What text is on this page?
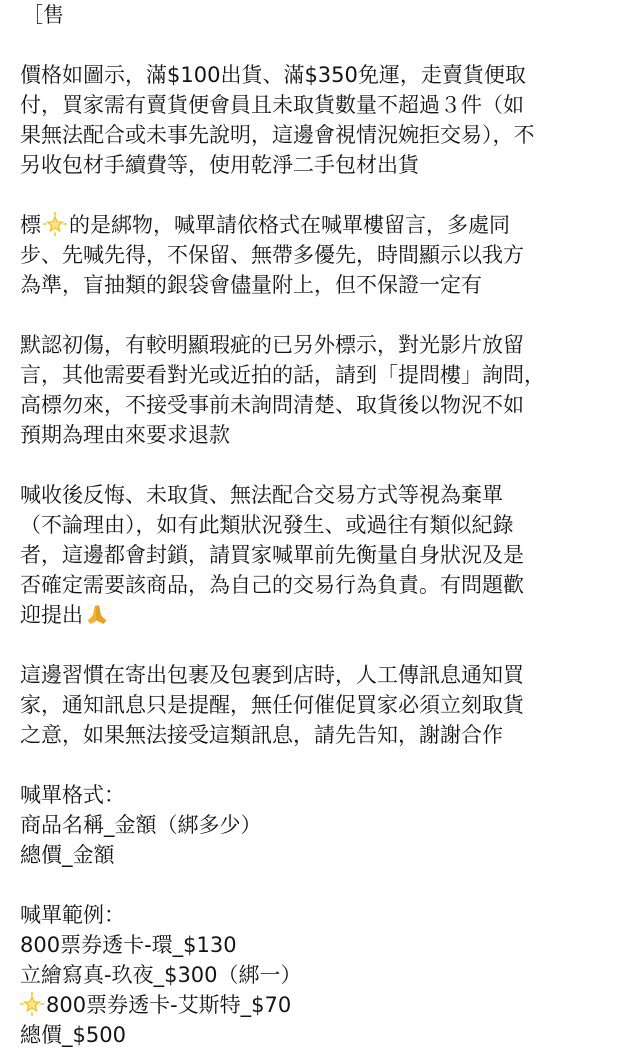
［售
價格如圖示，滿$100出貨、滿$350免運，走賣貨便取
付，買家需有賣貨便會員且未取貨數量不超過３件（如
果無法配合或未事先說明，這邊會視情況婉拒交易），不
另收包材手續費等，使用乾淨二手包材出貨
標 的是綁物，喊單請依格式在喊單樓留言，多處同
步、先喊先得，不保留、無帶多優先，時間顯示以我方
為準，盲抽類的銀袋會儘量附上，但不保證一定有
默認初傷，有較明顯瑕疵的已另外標示，對光影片放留
言，其他需要看對光或近拍的話，請到「提問樓」詢問，
高標勿來，不接受事前未詢問清楚、取貨後以物況不如
預期為理由來要求退款
喊收後反悔、未取貨、無法配合交易方式等視為棄單
（不論理由），如有此類狀況發生、或過往有類似紀錄
者，這邊都會封鎖，請買家喊單前先衡量自身狀況及是
否確定需要該商品，為自己的交易行為負責。有問題歡
迎提出
這邊習慣在寄出包裹及包裹到店時，人工傳訊息通知買
家，通知訊息只是提醒，無任何催促買家必須立刻取貨
之意，如果無法接受這類訊息，請先告知，謝謝合作
喊單格式：
商品名稱_金額（綁多少）
總價_金額
喊單範例：
800票券透卡-環_$130
立繪寫真-玖夜_$300（綁一）
800票券透卡-艾斯特_$70
總價_$500
